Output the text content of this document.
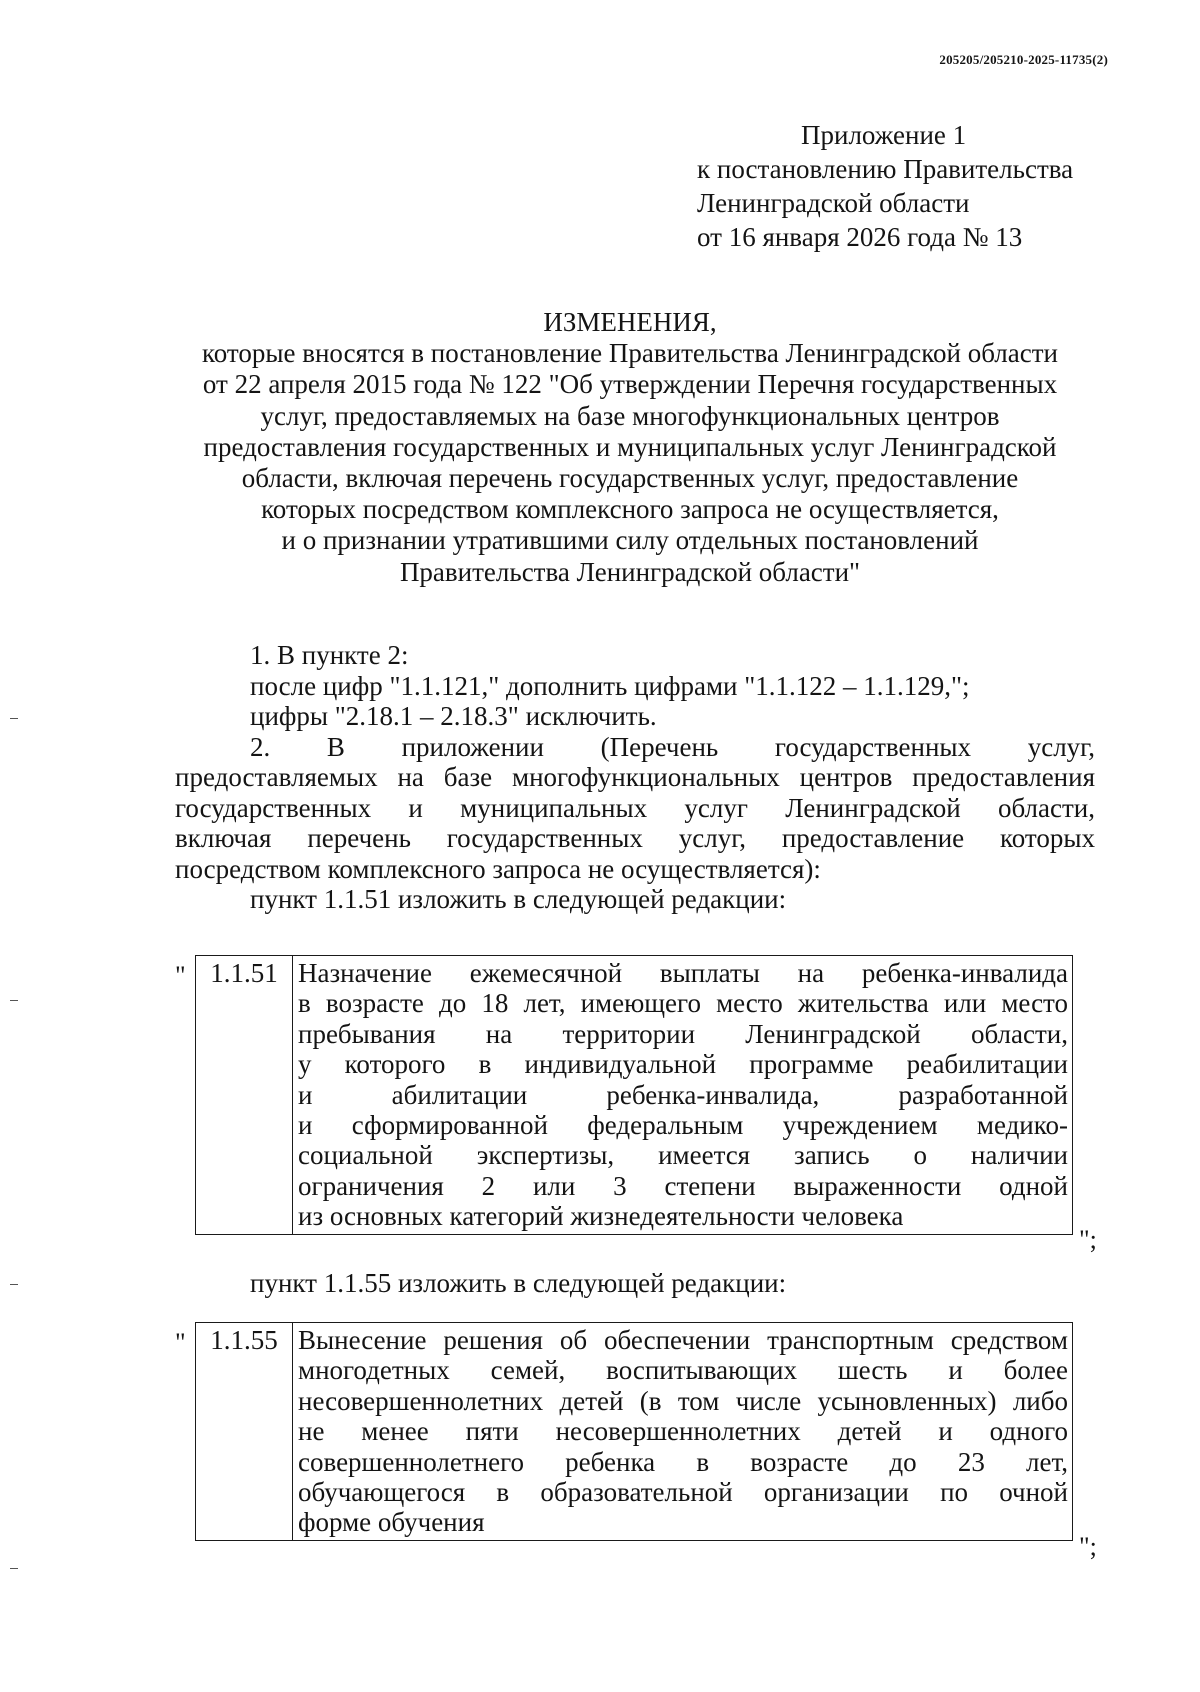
205205/205210-2025-11735(2)
Приложение 1
к постановлению Правительства
Ленинградской области
от 16 января 2026 года № 13
ИЗМЕНЕНИЯ,
которые вносятся в постановление Правительства Ленинградской области
от 22 апреля 2015 года № 122 "Об утверждении Перечня государственных
услуг, предоставляемых на базе многофункциональных центров
предоставления государственных и муниципальных услуг Ленинградской
области, включая перечень государственных услуг, предоставление
которых посредством комплексного запроса не осуществляется,
и о признании утратившими силу отдельных постановлений
Правительства Ленинградской области"
1. В пункте 2:
после цифр "1.1.121," дополнить цифрами "1.1.122 – 1.1.129,";
цифры "2.18.1 – 2.18.3" исключить.
2. В приложении (Перечень государственных услуг,
предоставляемых на базе многофункциональных центров предоставления
государственных и муниципальных услуг Ленинградской области,
включая перечень государственных услуг, предоставление которых
посредством комплексного запроса не осуществляется):
пункт 1.1.51 изложить в следующей редакции:
" 1.1.51	Назначение ежемесячной выплаты на ребенка-инвалида
в возрасте до 18 лет, имеющего место жительства или место
пребывания на территории Ленинградской области,
у которого в индивидуальной программе реабилитации
и абилитации ребенка-инвалида, разработанной
и сформированной федеральным учреждением медико-
социальной экспертизы, имеется запись о наличии
ограничения 2 или 3 степени выраженности одной
из основных категорий жизнедеятельности человека
";
пункт 1.1.55 изложить в следующей редакции:
" 1.1.55	Вынесение решения об обеспечении транспортным средством
многодетных семей, воспитывающих шесть и более
несовершеннолетних детей (в том числе усыновленных) либо
не менее пяти несовершеннолетних детей и одного
совершеннолетнего ребенка в возрасте до 23 лет,
обучающегося в образовательной организации по очной
форме обучения
";
